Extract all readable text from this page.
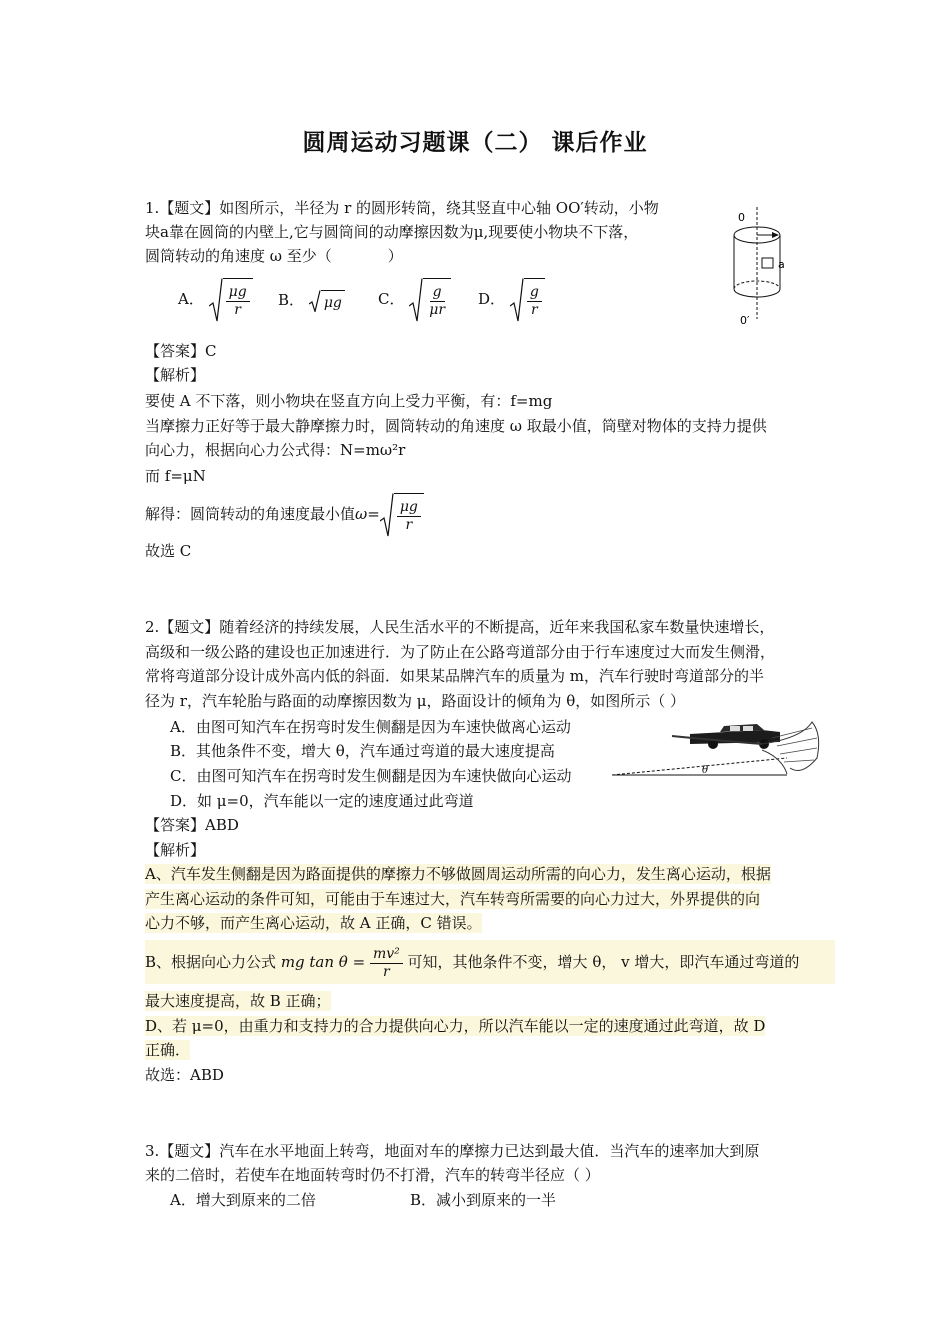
圆周运动习题课（二） 课后作业
1.【题文】如图所示，半径为 r 的圆形转筒，绕其竖直中心轴 OO′转动，小物
块a靠在圆筒的内壁上,它与圆筒间的动摩擦因数为μ,现要使小物块不下落，
圆筒转动的角速度 ω 至少（	）
A． $\frac{\mu g}{r}$ B． μg C． $\frac{g}{\mu r}$ D． $\frac{g}{r}$
0
0′
a
【答案】C
【解析】
要使 A 不下落，则小物块在竖直方向上受力平衡，有：f=mg
当摩擦力正好等于最大静摩擦力时，圆筒转动的角速度 ω 取最小值，筒壁对物体的支持力提供
向心力，根据向心力公式得：N=mω²r
而 f=μN
解得：圆筒转动的角速度最小值$\omega= \frac{\mu g}{r}$
故选 C
2.【题文】随着经济的持续发展，人民生活水平的不断提高，近年来我国私家车数量快速增长，
高级和一级公路的建设也正加速进行．为了防止在公路弯道部分由于行车速度过大而发生侧滑，
常将弯道部分设计成外高内低的斜面．如果某品牌汽车的质量为 m，汽车行驶时弯道部分的半
径为 r，汽车轮胎与路面的动摩擦因数为 μ，路面设计的倾角为 θ，如图所示（ ）
A．由图可知汽车在拐弯时发生侧翻是因为车速快做离心运动
B．其他条件不变，增大 θ，汽车通过弯道的最大速度提高
C．由图可知汽车在拐弯时发生侧翻是因为车速快做向心运动
D．如 μ=0，汽车能以一定的速度通过此弯道
θ
【答案】ABD
【解析】
A、汽车发生侧翻是因为路面提供的摩擦力不够做圆周运动所需的向心力，发生离心运动，根据
产生离心运动的条件可知，可能由于车速过大，汽车转弯所需要的向心力过大，外界提供的向
心力不够，而产生离心运动，故 A 正确，C 错误。
B、根据向心力公式 mg $\tan \theta = \frac{\text{mv²}}{r}$ 可知，其他条件不变，增大 θ， v 增大，即汽车通过弯道的
最大速度提高，故 B 正确；
D、若 μ=0，由重力和支持力的合力提供向心力，所以汽车能以一定的速度通过此弯道，故 D
正确．
故选：ABD
3.【题文】汽车在水平地面上转弯，地面对车的摩擦力已达到最大值．当汽车的速率加大到原
来的二倍时，若使车在地面转弯时仍不打滑，汽车的转弯半径应（ ）
A．增大到原来的二倍	B．减小到原来的一半
